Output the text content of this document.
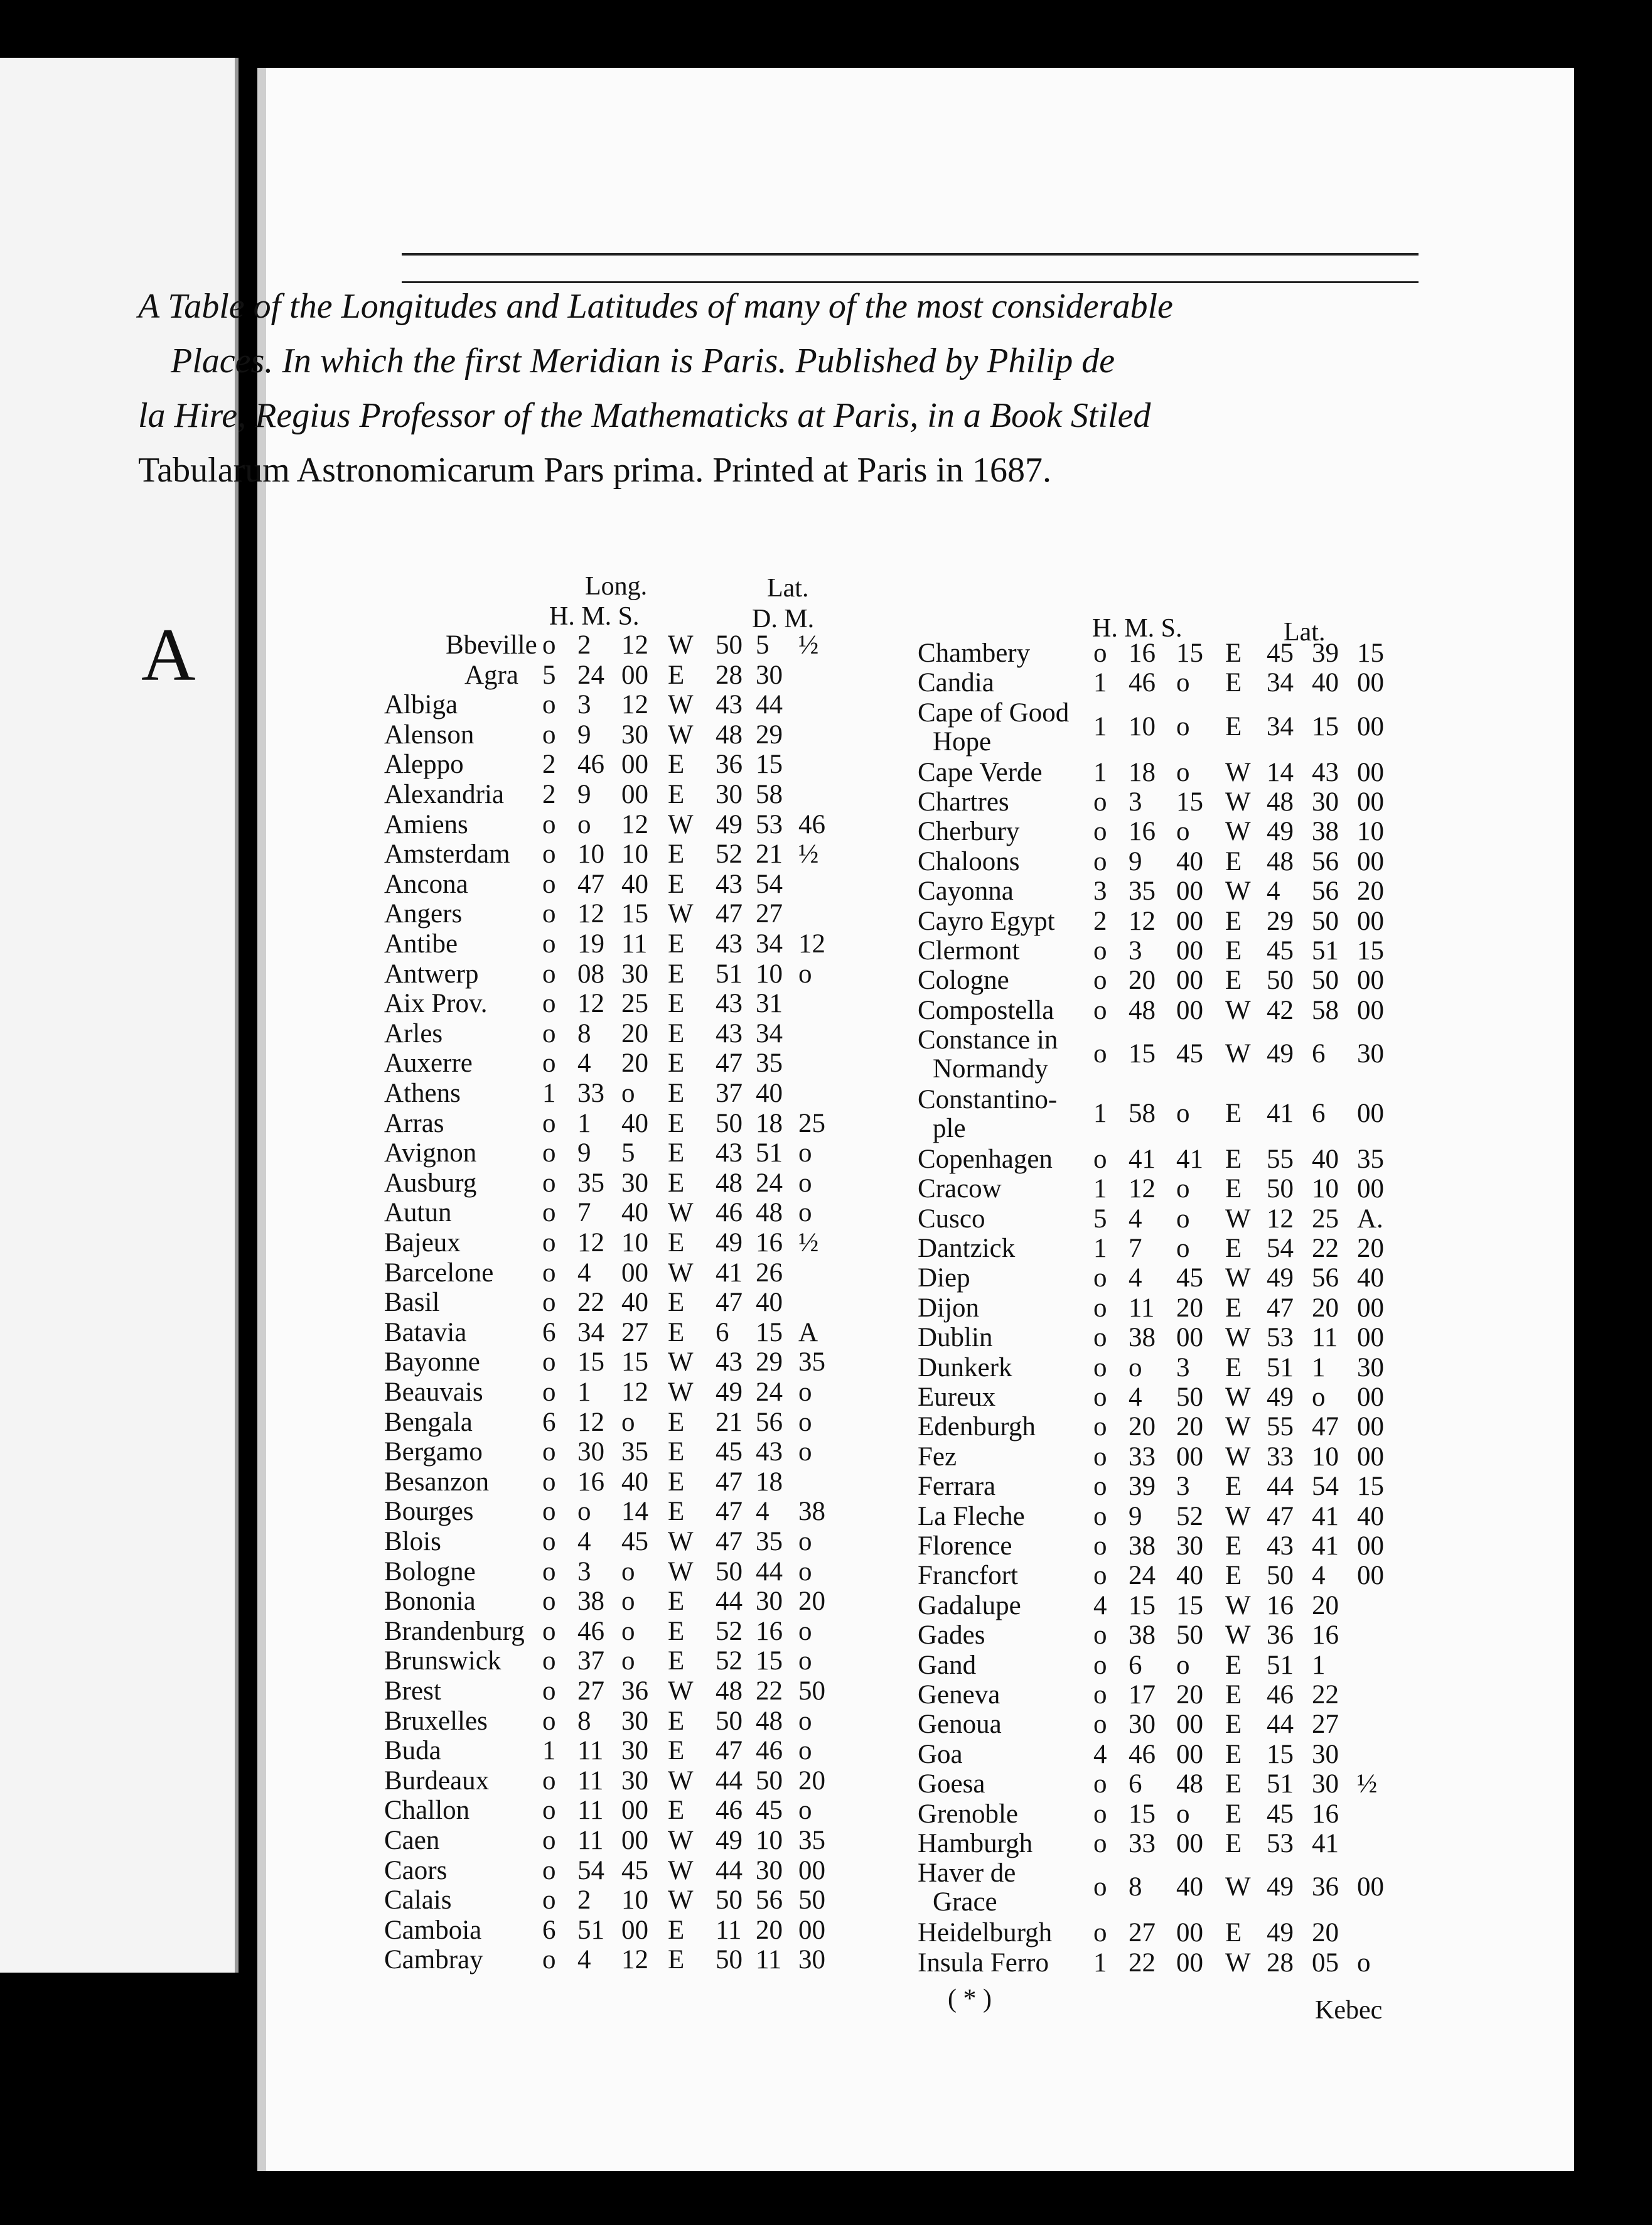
A Table of the Longitudes and Latitudes of many of the most considerable
Places. In which the first Meridian is Paris. Published by Philip de
la Hire, Regius Professor of the Mathematicks at Paris, in a Book Stiled
Tabularum Astronomicarum Pars prima. Printed at Paris in 1687.
Long.
H. M. S.
Lat.
D. M.	H. M. S.	Lat.
A	Bbeville o 2 12 W 50 5 ½
Agra 5 24 00 E 28 30
Albiga	o 3 12 W 43 44
Alenson	o 9 30 W 48 29
Aleppo	2 46 00 E 36 15
Alexandria 2 9 00 E 30 58
Amiens	o o 12 W 49 53 46
Amsterdam o 10 10 E 52 21 ½
Ancona	o 47 40 E 43 54
Angers	o 12 15 W 47 27
Antibe	o 19 11 E 43 34 12
Antwerp o 08 30 E 51 10 o
Aix Prov. o 12 25 E 43 31
Arles	o 8 20 E 43 34
Auxerre	o 4 20 E 47 35
Athens	1 33 o E 37 40
Arras	o 1 40 E 50 18 25
Avignon o 9 5 E 43 51 o
Ausburg o 35 30 E 48 24 o
Autun	o 7 40 W 46 48 o
Bajeux	o 12 10 E 49 16 ½
Barcelone o 4 00 W 41 26
Basil	o 22 40 E 47 40
Batavia	6 34 27 E 6 15 A
Bayonne o 15 15 W 43 29 35
Beauvais o 1 12 W 49 24 o
Bengala	6 12 o E 21 56 o
Bergamo o 30 35 E 45 43 o
Besanzon o 16 40 E 47 18
Bourges	o o 14 E 47 4 38
Blois	o 4 45 W 47 35 o
Bologne o 3 o W 50 44 o
Bononia o 38 o E 44 30 20
Brandenburg o 46 o E 52 16 o
Brunswick o 37 o E 52 15 o
Brest	o 27 36 W 48 22 50
Bruxelles o 8 30 E 50 48 o
Buda	1 11 30 E 47 46 o
Burdeaux o 11 30 W 44 50 20
Challon	o 11 00 E 46 45 o
Caen	o 11 00 W 49 10 35
Caors	o 54 45 W 44 30 00
Calais	o 2 10 W 50 56 50
Camboia 6 51 00 E 11 20 00
Cambray o 4 12 E 50 11 30
Chambery o 16 15 E 45 39 15
Candia	1 46 o E 34 40 00
Cape of Good
Hope
1 10 o E 34 15 00
Cape Verde 1 18 o W 14 43 00
Chartres	o 3 15 W 48 30 00
Cherbury	o 16 o W 49 38 10
Chaloons	o 9 40 E 48 56 00
Cayonna	3 35 00 W 4 56 20
Cayro Egypt 2 12 00 E 29 50 00
Clermont	o 3 00 E 45 51 15
Cologne	o 20 00 E 50 50 00
Compostella o 48 00 W 42 58 00
Constance in
Normandy
o 15 45 W 49 6 30
Constantino-
ple
1 58 o E 41 6 00
Copenhagen o 41 41 E 55 40 35
Cracow	1 12 o E 50 10 00
Cusco	5 4 o W 12 25 A.
Dantzick	1 7 o E 54 22 20
Diep	o 4 45 W 49 56 40
Dijon	o 11 20 E 47 20 00
Dublin	o 38 00 W 53 11 00
Dunkerk	o o 3 E 51 1 30
Eureux	o 4 50 W 49 o 00
Edenburgh o 20 20 W 55 47 00
Fez	o 33 00 W 33 10 00
Ferrara	o 39 3 E 44 54 15
La Fleche	o 9 52 W 47 41 40
Florence	o 38 30 E 43 41 00
Francfort	o 24 40 E 50 4 00
Gadalupe	4 15 15 W 16 20
Gades	o 38 50 W 36 16
Gand	o 6 o E 51 1
Geneva	o 17 20 E 46 22
Genoua	o 30 00 E 44 27
Goa	4 46 00 E 15 30
Goesa	o 6 48 E 51 30 ½
Grenoble	o 15 o E 45 16
Hamburgh o 33 00 E 53 41
Haver de
Grace
o 8 40 W 49 36 00
Heidelburgh o 27 00 E 49 20
Insula Ferro 1 22 00 W 28 05 o
( * )	Kebec
